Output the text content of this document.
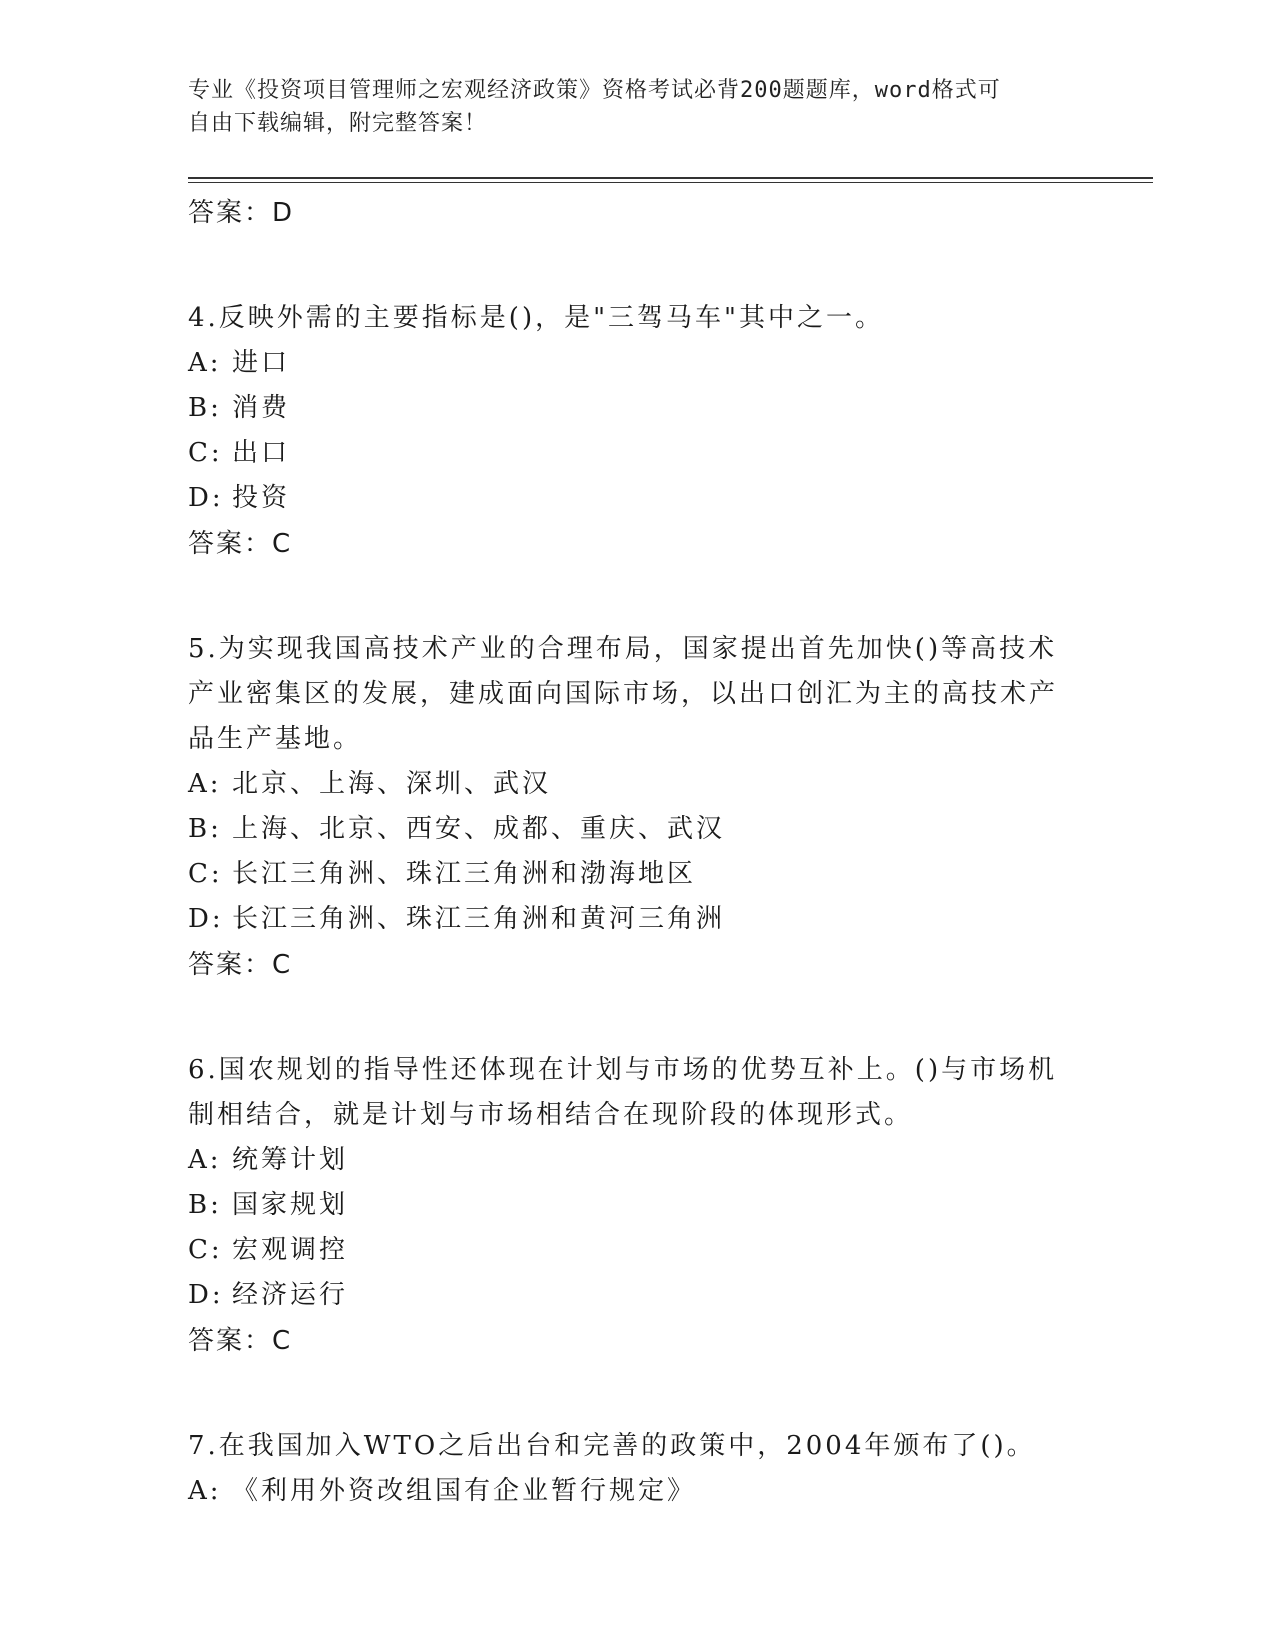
专业《投资项目管理师之宏观经济政策》资格考试必背200题题库，word格式可
自由下载编辑，附完整答案！
答案：D
4.反映外需的主要指标是()，是"三驾马车"其中之一。
A: 进口
B: 消费
C: 出口
D: 投资
答案：C
5.为实现我国高技术产业的合理布局，国家提出首先加快()等高技术
产业密集区的发展，建成面向国际市场，以出口创汇为主的高技术产
品生产基地。
A: 北京、上海、深圳、武汉
B: 上海、北京、西安、成都、重庆、武汉
C: 长江三角洲、珠江三角洲和渤海地区
D: 长江三角洲、珠江三角洲和黄河三角洲
答案：C
6.国农规划的指导性还体现在计划与市场的优势互补上。()与市场机
制相结合，就是计划与市场相结合在现阶段的体现形式。
A: 统筹计划
B: 国家规划
C: 宏观调控
D: 经济运行
答案：C
7.在我国加入WTO之后出台和完善的政策中，2004年颁布了()。
A: 《利用外资改组国有企业暂行规定》
